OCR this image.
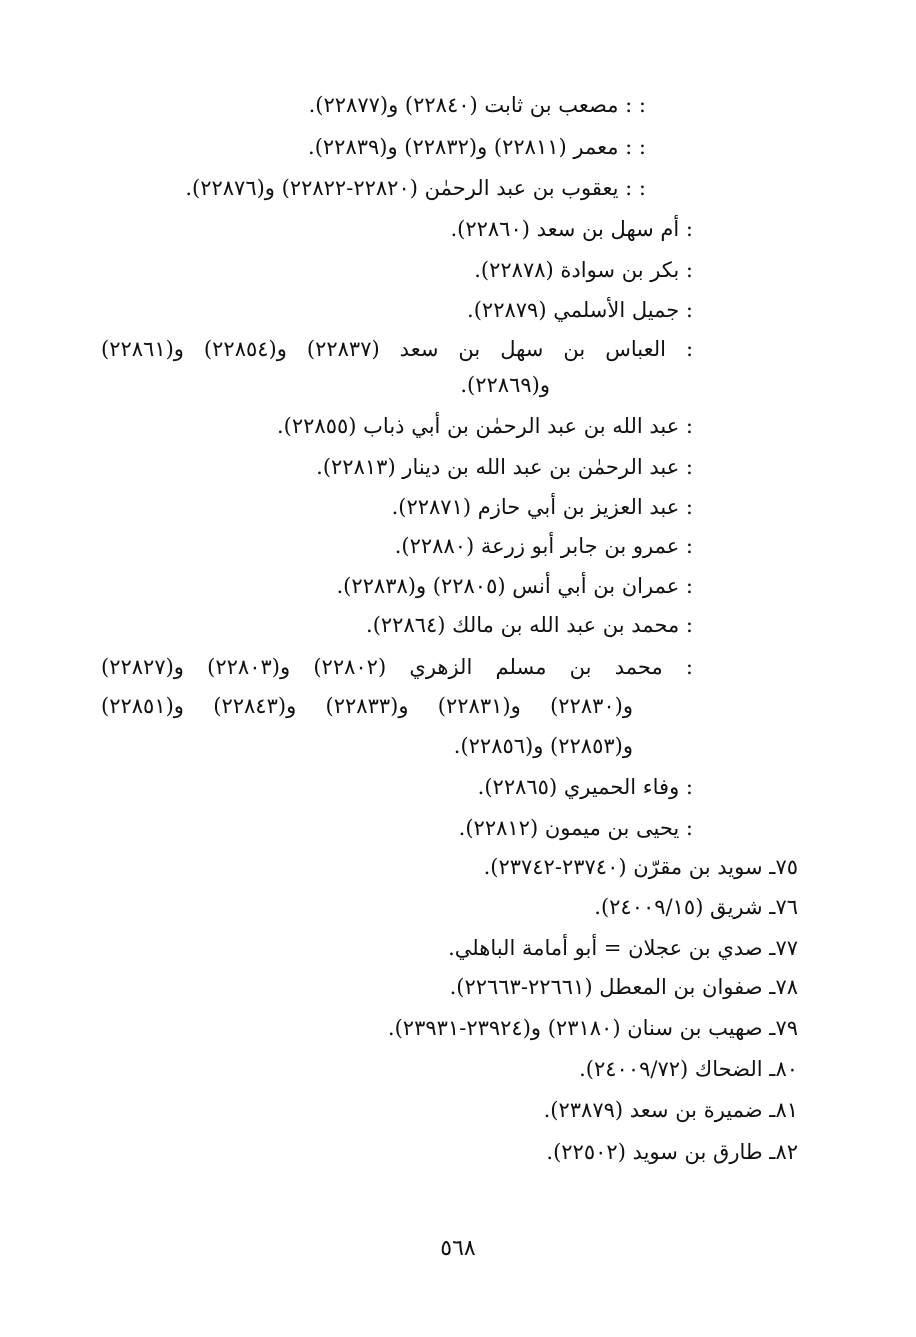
: : مصعب بن ثابت (٢٢٨٤٠) و(٢٢٨٧٧).
: : معمر (٢٢٨١١) و(٢٢٨٣٢) و(٢٢٨٣٩).
: : يعقوب بن عبد الرحمٰن (٢٢٨٢٠-٢٢٨٢٢) و(٢٢٨٧٦).
: أم سهل بن سعد (٢٢٨٦٠).
: بكر بن سوادة (٢٢٨٧٨).
: جميل الأسلمي (٢٢٨٧٩).
: العباس بن سهل بن سعد (٢٢٨٣٧) و(٢٢٨٥٤) و(٢٢٨٦١)
و(٢٢٨٦٩).
: عبد الله بن عبد الرحمٰن بن أبي ذباب (٢٢٨٥٥).
: عبد الرحمٰن بن عبد الله بن دينار (٢٢٨١٣).
: عبد العزيز بن أبي حازم (٢٢٨٧١).
: عمرو بن جابر أبو زرعة (٢٢٨٨٠).
: عمران بن أبي أنس (٢٢٨٠٥) و(٢٢٨٣٨).
: محمد بن عبد الله بن مالك (٢٢٨٦٤).
: محمد بن مسلم الزهري (٢٢٨٠٢) و(٢٢٨٠٣) و(٢٢٨٢٧)
و(٢٢٨٣٠) و(٢٢٨٣١) و(٢٢٨٣٣) و(٢٢٨٤٣) و(٢٢٨٥١)
و(٢٢٨٥٣) و(٢٢٨٥٦).
: وفاء الحميري (٢٢٨٦٥).
: يحيى بن ميمون (٢٢٨١٢).
٧٥ـ سويد بن مقرّن (٢٣٧٤٠-٢٣٧٤٢).
٧٦ـ شريق (٢٤٠٠٩/١٥).
٧٧ـ صدي بن عجلان = أبو أمامة الباهلي.
٧٨ـ صفوان بن المعطل (٢٢٦٦١-٢٢٦٦٣).
٧٩ـ صهيب بن سنان (٢٣١٨٠) و(٢٣٩٢٤-٢٣٩٣١).
٨٠ـ الضحاك (٢٤٠٠٩/٧٢).
٨١ـ ضميرة بن سعد (٢٣٨٧٩).
٨٢ـ طارق بن سويد (٢٢٥٠٢).
٥٦٨
